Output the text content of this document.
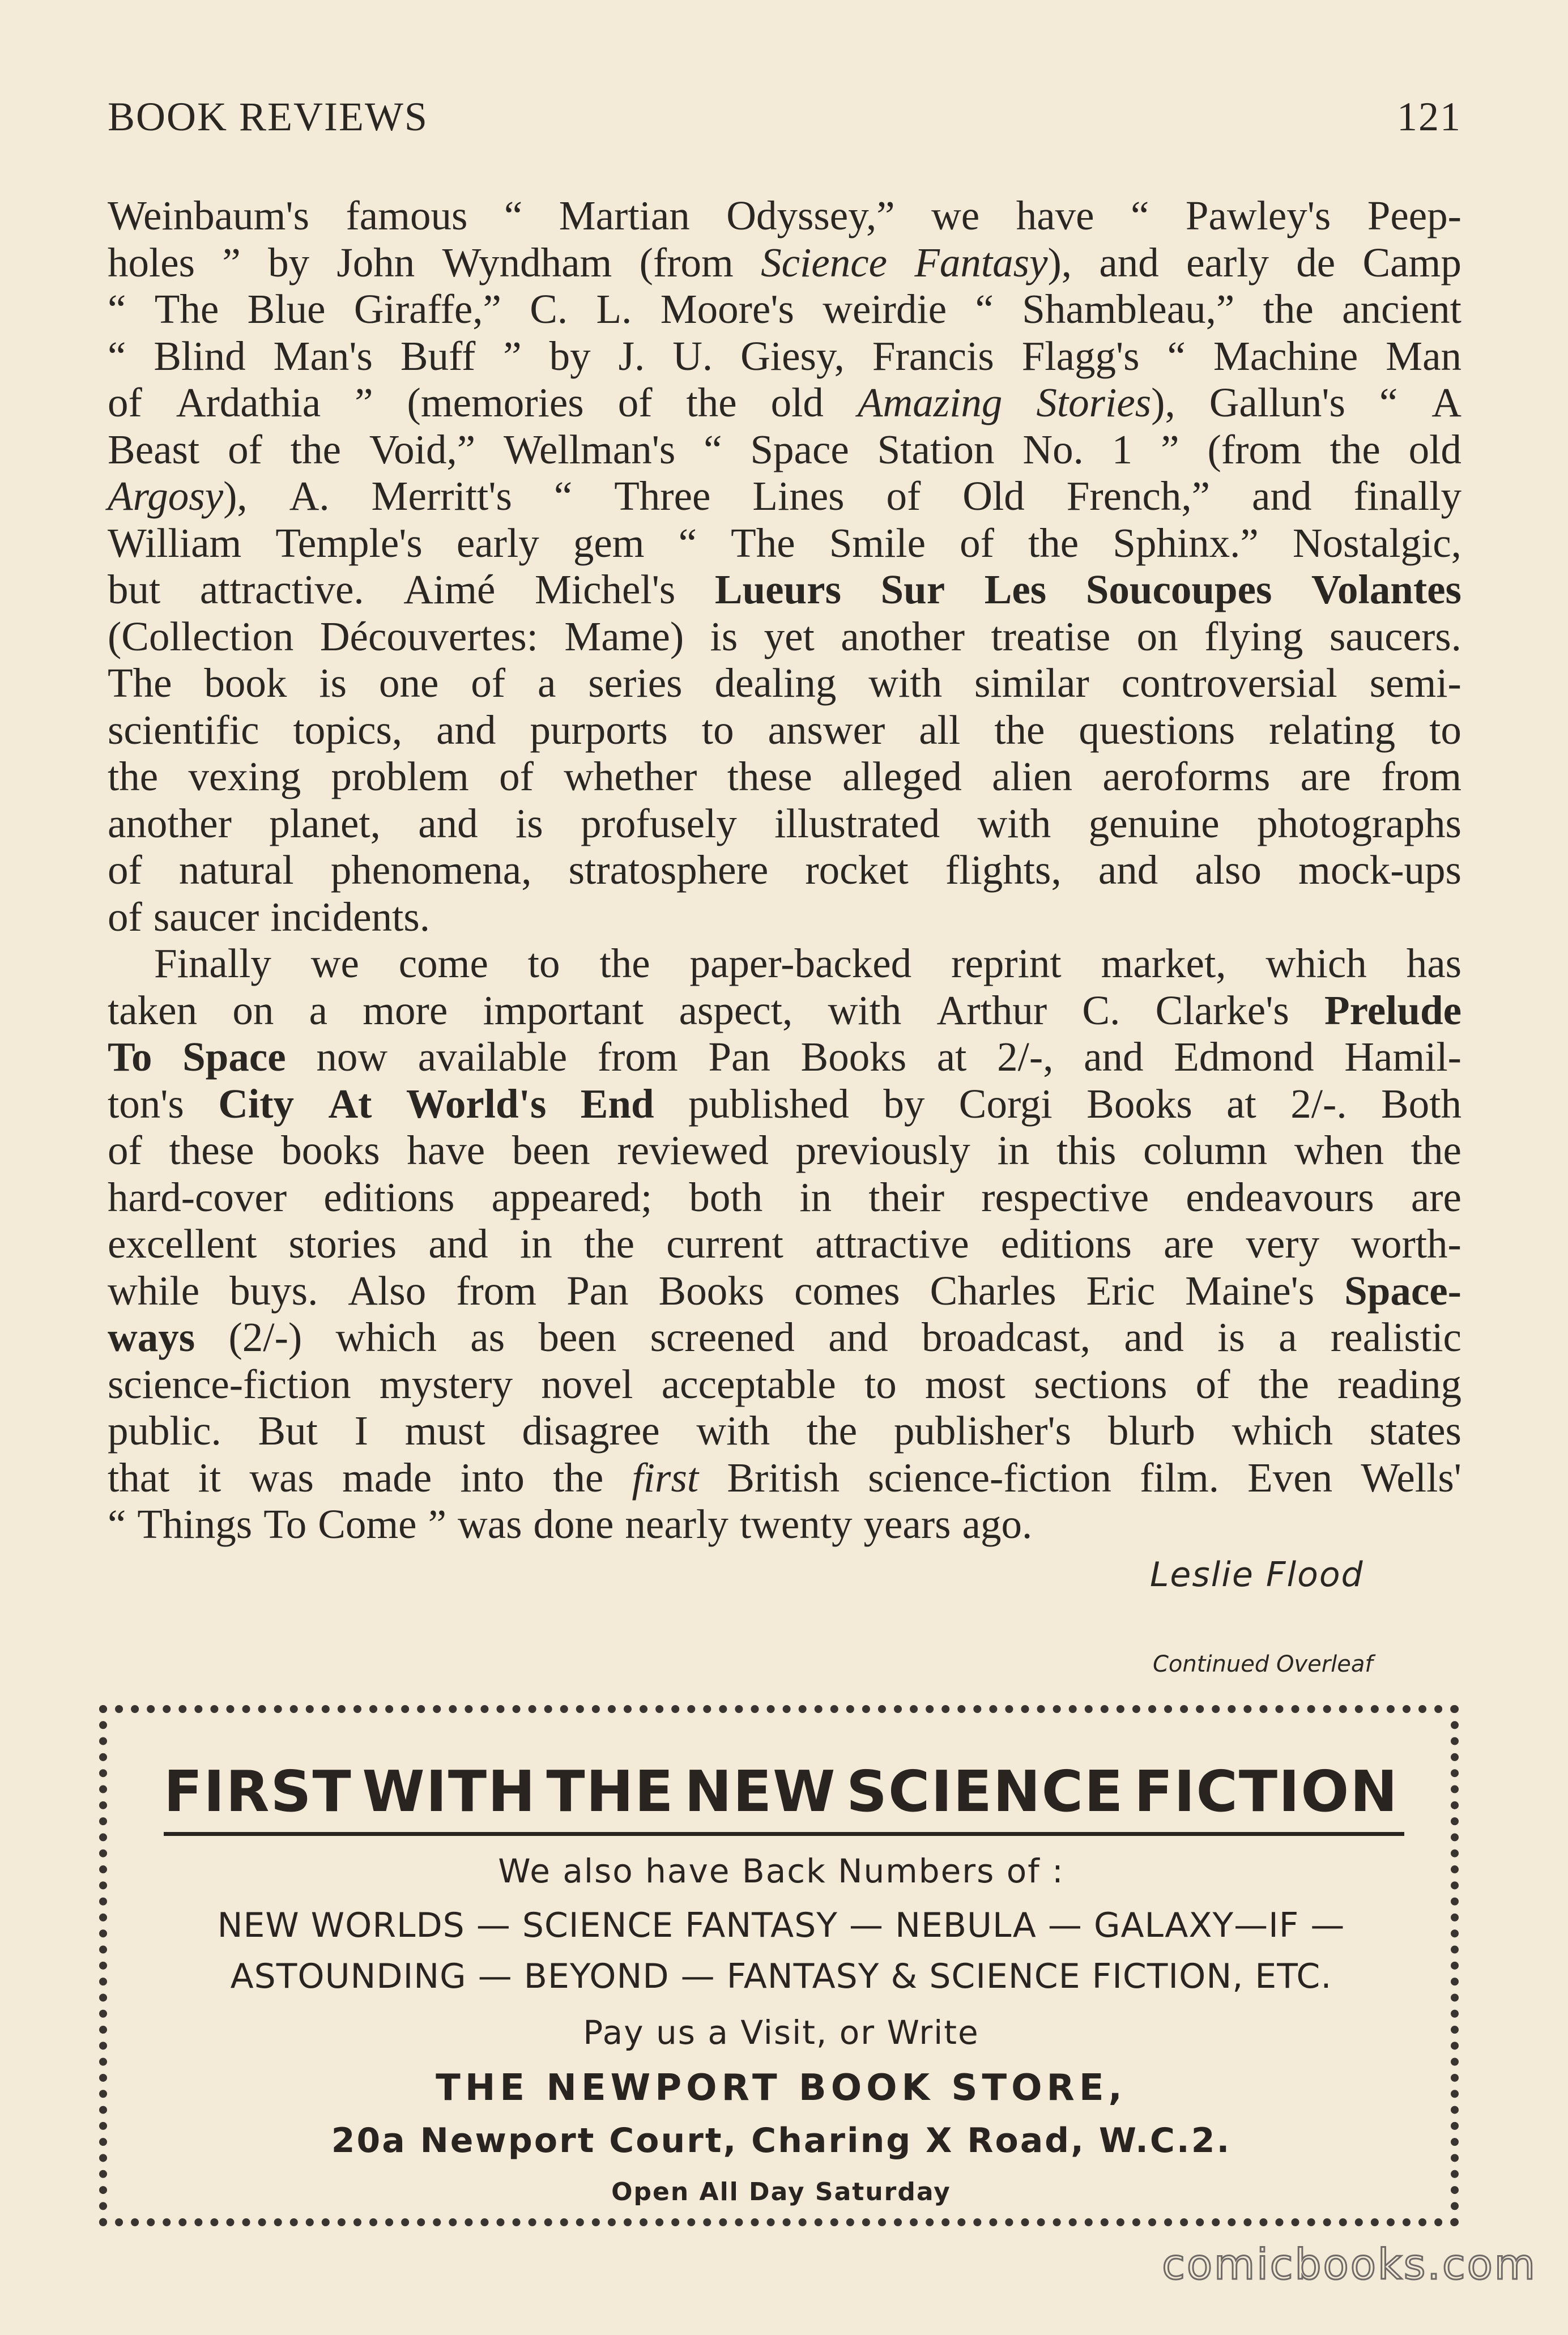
BOOK REVIEWS	121
Weinbaum's famous “ Martian Odyssey,” we have “ Pawley's Peep-
holes ” by John Wyndham (from Science Fantasy), and early de Camp
“ The Blue Giraffe,” C. L. Moore's weirdie “ Shambleau,” the ancient
“ Blind Man's Buff ” by J. U. Giesy, Francis Flagg's “ Machine Man
of Ardathia ” (memories of the old Amazing Stories), Gallun's “ A
Beast of the Void,” Wellman's “ Space Station No. 1 ” (from the old
Argosy), A. Merritt's “ Three Lines of Old French,” and finally
William Temple's early gem “ The Smile of the Sphinx.” Nostalgic,
but attractive. Aimé Michel's Lueurs Sur Les Soucoupes Volantes
(Collection Découvertes: Mame) is yet another treatise on flying saucers.
The book is one of a series dealing with similar controversial semi-
scientific topics, and purports to answer all the questions relating to
the vexing problem of whether these alleged alien aeroforms are from
another planet, and is profusely illustrated with genuine photographs
of natural phenomena, stratosphere rocket flights, and also mock-ups
of saucer incidents.
Finally we come to the paper-backed reprint market, which has
taken on a more important aspect, with Arthur C. Clarke's Prelude
To Space now available from Pan Books at 2/-, and Edmond Hamil-
ton's City At World's End published by Corgi Books at 2/-. Both
of these books have been reviewed previously in this column when the
hard-cover editions appeared; both in their respective endeavours are
excellent stories and in the current attractive editions are very worth-
while buys. Also from Pan Books comes Charles Eric Maine's Space-
ways (2/-) which as been screened and broadcast, and is a realistic
science-fiction mystery novel acceptable to most sections of the reading
public. But I must disagree with the publisher's blurb which states
that it was made into the first British science-fiction film. Even Wells'
“ Things To Come ” was done nearly twenty years ago.
Leslie Flood
Continued Overleaf
FIRST WITH THE NEW SCIENCE FICTION
We also have Back Numbers of :
NEW WORLDS — SCIENCE FANTASY — NEBULA — GALAXY—IF —
ASTOUNDING — BEYOND — FANTASY & SCIENCE FICTION, ETC.
Pay us a Visit, or Write
THE NEWPORT BOOK STORE,
20a Newport Court, Charing X Road, W.C.2.
Open All Day Saturday
comicbooks.com
